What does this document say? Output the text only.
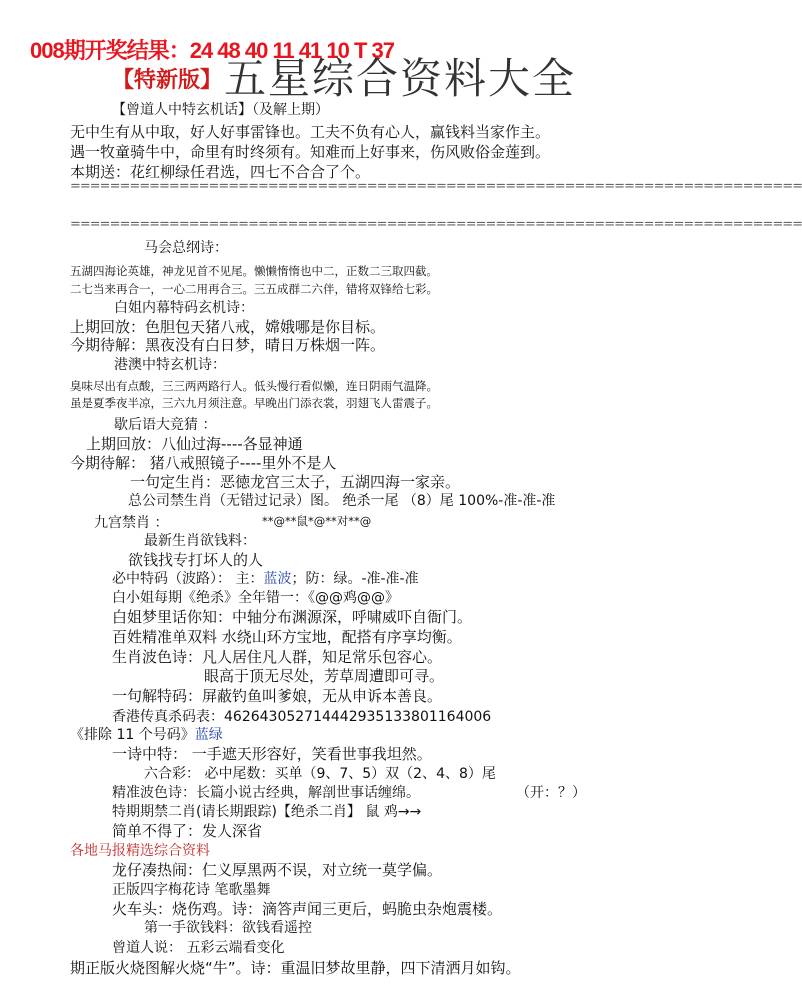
008期开奖结果：24 48 40 11 41 10 T 37
【特新版】 五星综合资料大全
【曾道人中特玄机话】（及解上期）
无中生有从中取，好人好事雷锋也。工夫不负有心人，赢钱料当家作主。
遇一牧童骑牛中，命里有时终须有。知难而上好事来，伤风败俗金莲到。
本期送：花红柳绿任君选，四七不合合了个。
==========================================================================
==========================================================================
马会总纲诗：
五湖四海论英雄，神龙见首不见尾。懒懒惰惰也中二，正数二三取四截。
二七当来再合一，一心二用再合三。三五成群二六伴，错将双锋给七彩。
白姐内幕特码玄机诗：
上期回放：色胆包天猪八戒，嫦娥哪是你目标。
今期待解：黑夜没有白日梦，晴日万株烟一阵。
港澳中特玄机诗：
臭味尽出有点酸，三三两两路行人。低头慢行看似懒，连日阴雨气温降。
虽是夏季夜半凉，三六九月须注意。早晚出门添衣裳，羽翅飞人雷震子。
歇后语大竞猜 ：
上期回放：八仙过海----各显神通
今期待解： 猪八戒照镜子----里外不是人
一句定生肖：恶徳龙宫三太子，五湖四海一家亲。
总公司禁生肖（无错过记录）图。 绝杀一尾 （8）尾 100%-准-准-准
九宫禁肖 ：	**@**鼠*@**对**@
最新生肖欲钱料：
欲钱找专打坏人的人
必中特码（波路）： 主：蓝波；防：绿。-准-准-准
白小姐每期《绝杀》全年错一：《@@鸡@@》
白姐梦里话你知：中轴分布渊源深，呼啸威吓自衙门。
百姓精准单双料 水绕山环方宝地，配搭有序享均衡。
生肖波色诗：凡人居住凡人群，知足常乐包容心。
眼高于顶无尽处，芳草周遭即可寻。
一句解特码：屏蔽钓鱼叫爹娘，无从申诉本善良。
香港传真杀码表：46264305271444293513380116400​6
《排除 11 个号码》蓝绿
一诗中特： 一手遮天形容好，笑看世事我坦然。
六合彩： 必中尾数：买单（9、7、5）双（2、4、8）尾
精准波色诗：长篇小说古经典，解剖世事话缠绵。	（开：？）
特期期禁二肖(请长期跟踪)【绝杀二肖】 鼠 鸡→→
简单不得了：发人深省
各地马报精选综合资料
龙仔凑热闹：仁义厚黑两不误，对立统一莫学偏。
正版四字梅花诗 笔歌墨舞
火车头：烧伤鸡。诗：滴答声闻三更后，蚂脆虫杂炮震楼。
第一手欲钱料：欲钱看遥控
曾道人说： 五彩云端看变化
期正版火烧图解火烧“牛”。诗：重温旧梦故里静，四下清洒月如钩。
